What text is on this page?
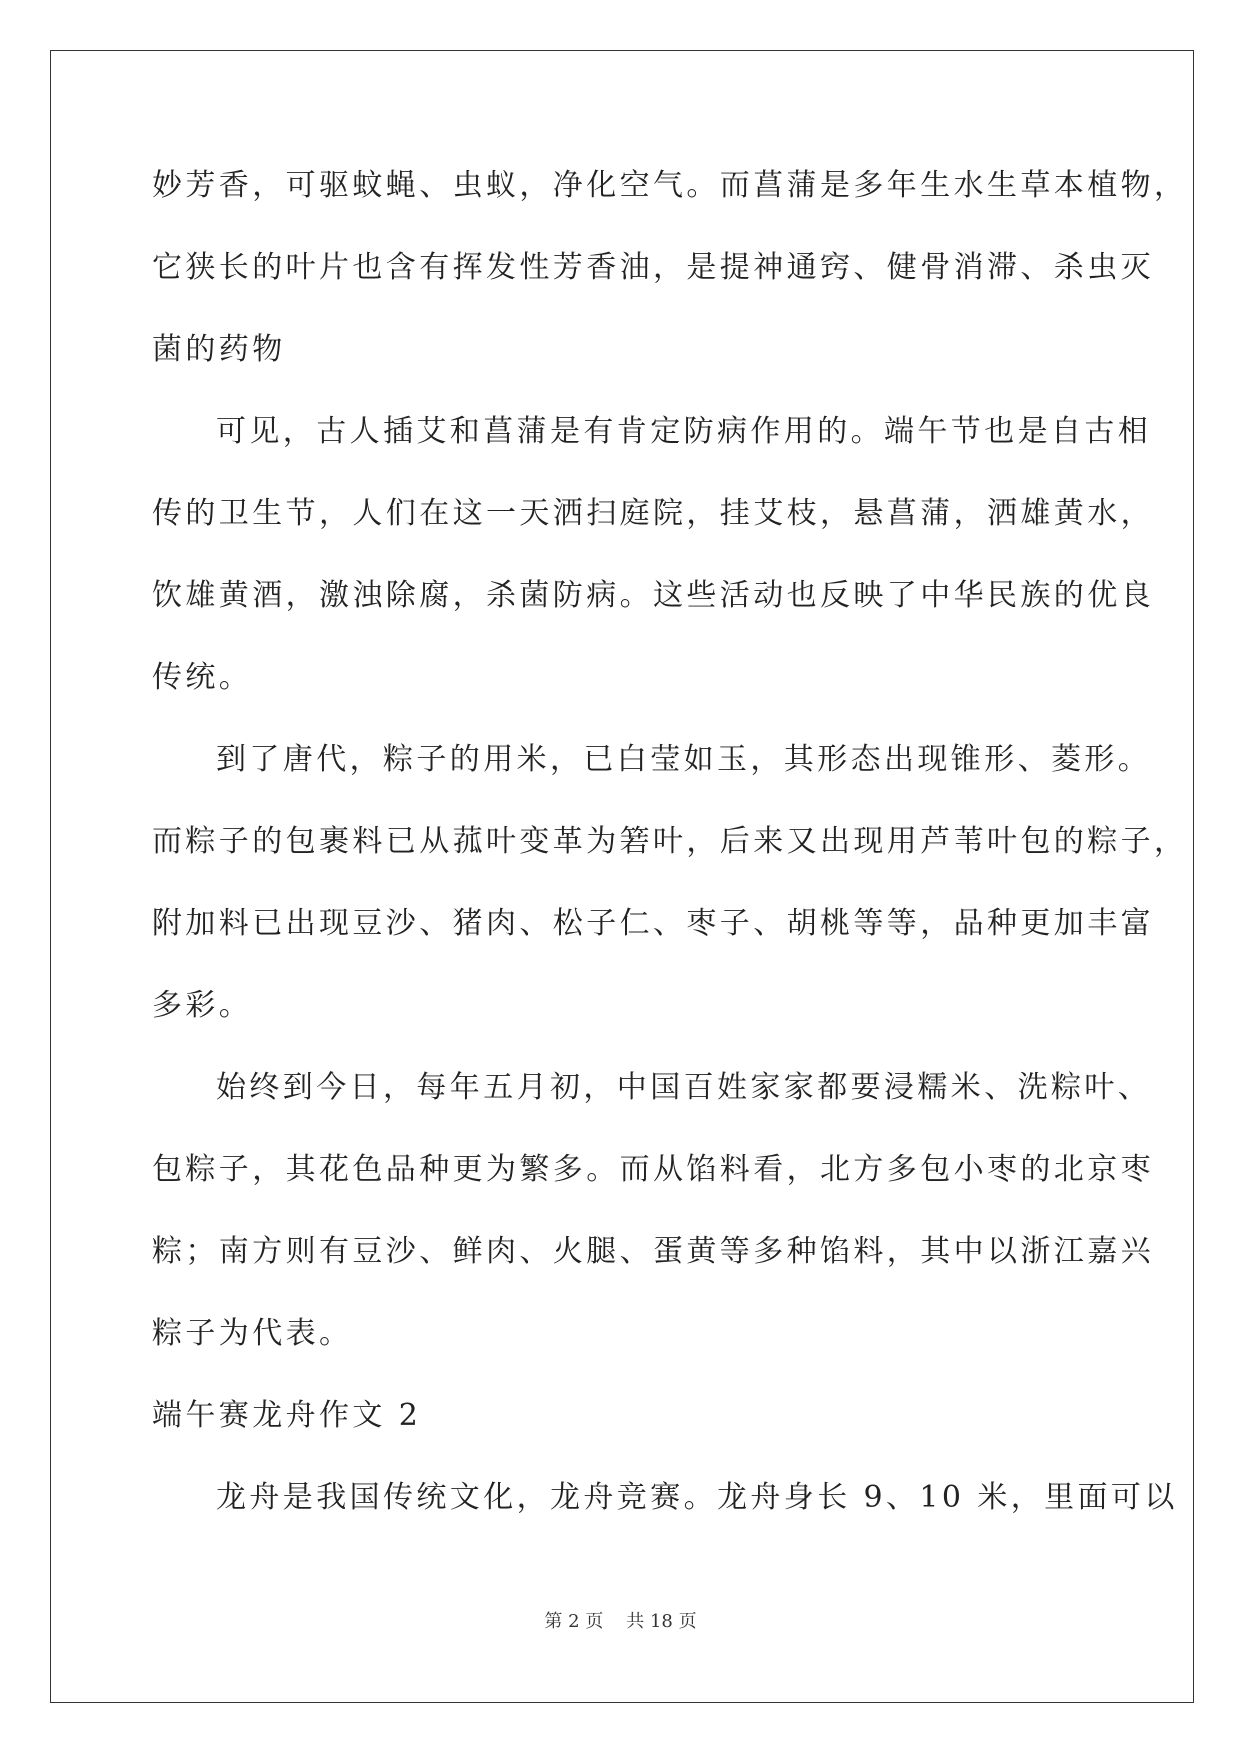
妙芳香，可驱蚊蝇、虫蚁，净化空气。而菖蒲是多年生水生草本植物，
它狭长的叶片也含有挥发性芳香油，是提神通窍、健骨消滞、杀虫灭
菌的药物
可见，古人插艾和菖蒲是有肯定防病作用的。端午节也是自古相
传的卫生节，人们在这一天洒扫庭院，挂艾枝，悬菖蒲，洒雄黄水，
饮雄黄酒，激浊除腐，杀菌防病。这些活动也反映了中华民族的优良
传统。
到了唐代，粽子的用米，已白莹如玉，其形态出现锥形、菱形。
而粽子的包裹料已从菰叶变革为箬叶，后来又出现用芦苇叶包的粽子，
附加料已出现豆沙、猪肉、松子仁、枣子、胡桃等等，品种更加丰富
多彩。
始终到今日，每年五月初，中国百姓家家都要浸糯米、洗粽叶、
包粽子，其花色品种更为繁多。而从馅料看，北方多包小枣的北京枣
粽；南方则有豆沙、鲜肉、火腿、蛋黄等多种馅料，其中以浙江嘉兴
粽子为代表。
端午赛龙舟作文 2
龙舟是我国传统文化，龙舟竞赛。龙舟身长 9、10 米，里面可以
第 2 页 共 18 页
